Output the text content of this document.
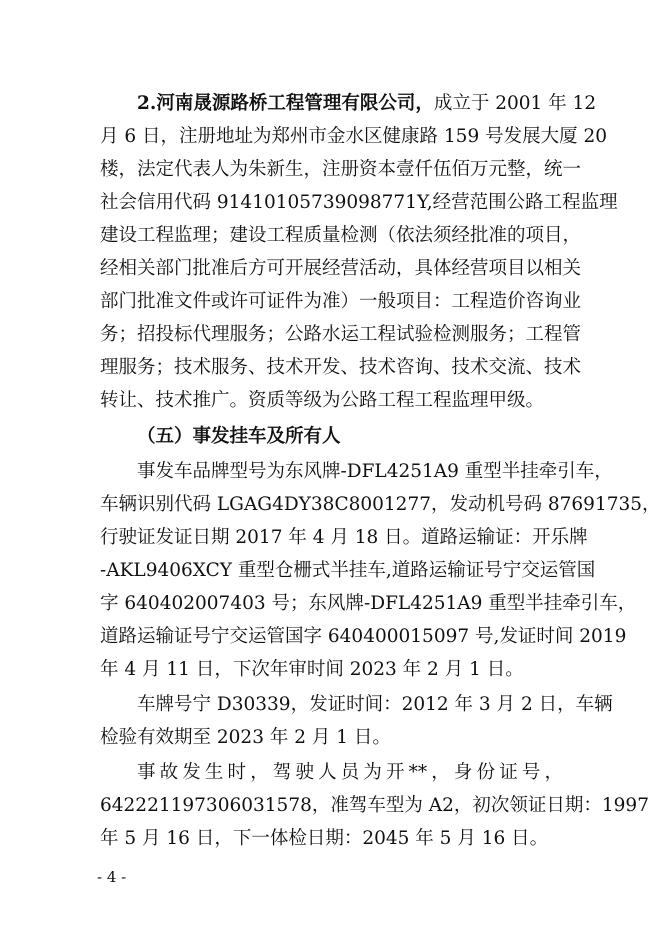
2.河南晟源路桥工程管理有限公司，成立于 2001 年 12
月 6 日，注册地址为郑州市金水区健康路 159 号发展大厦 20
楼，法定代表人为朱新生，注册资本壹仟伍佰万元整，统一
社会信用代码 91410105739098771Y,经营范围公路工程监理
建设工程监理；建设工程质量检测（依法须经批准的项目，
经相关部门批准后方可开展经营活动，具体经营项目以相关
部门批准文件或许可证件为准）一般项目：工程造价咨询业
务；招投标代理服务；公路水运工程试验检测服务；工程管
理服务；技术服务、技术开发、技术咨询、技术交流、技术
转让、技术推广。资质等级为公路工程工程监理甲级。
（五）事发挂车及所有人
事发车品牌型号为东风牌-DFL4251A9 重型半挂牵引车，
车辆识别代码 LGAG4DY38C8001277，发动机号码 87691735，
行驶证发证日期 2017 年 4 月 18 日。道路运输证：开乐牌
-AKL9406XCY 重型仓栅式半挂车,道路运输证号宁交运管国
字 640402007403 号；东风牌-DFL4251A9 重型半挂牵引车，
道路运输证号宁交运管国字 640400015097 号,发证时间 2019
年 4 月 11 日，下次年审时间 2023 年 2 月 1 日。
车牌号宁 D30339，发证时间：2012 年 3 月 2 日，车辆
检验有效期至 2023 年 2 月 1 日。
事故发生时，驾驶人员为开**，身份证号，
642221197306031578，准驾车型为 A2，初次领证日期：1997
年 5 月 16 日，下一体检日期：2045 年 5 月 16 日。
- 4 -
